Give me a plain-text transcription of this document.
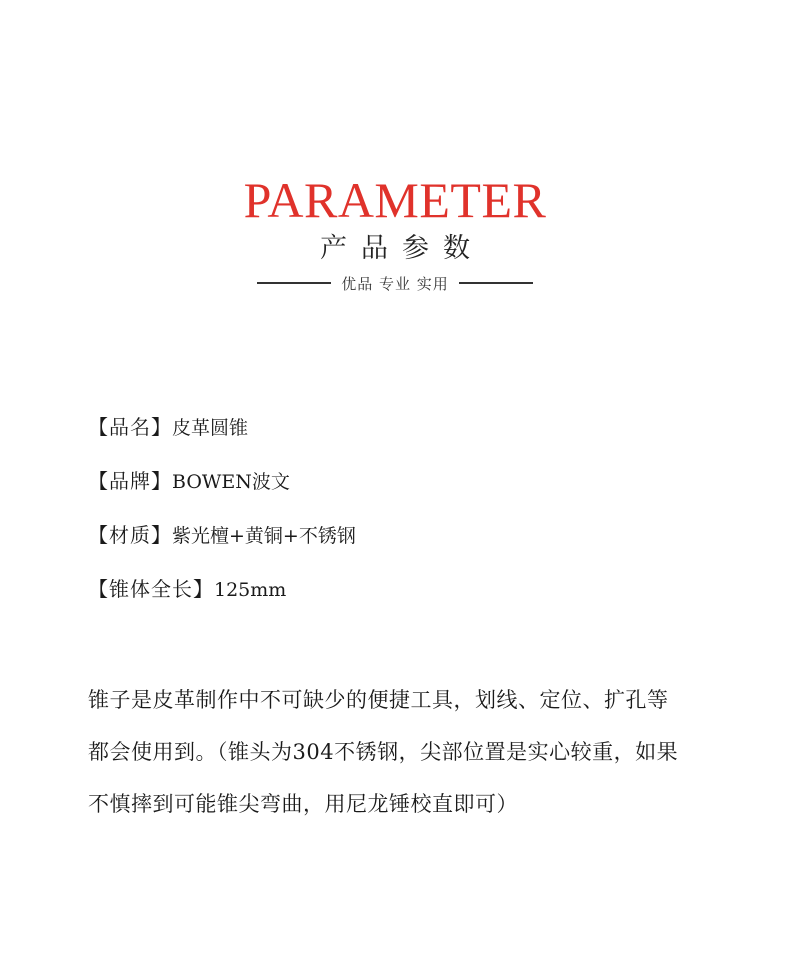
PARAMETER
产品参数
优品 专业 实用
【品名】皮革圆锥
【品牌】BOWEN波文
【材质】紫光檀+黄铜+不锈钢
【锥体全长】125mm
锥子是皮革制作中不可缺少的便捷工具，划线、定位、扩孔等
都会使用到。（锥头为304不锈钢，尖部位置是实心较重，如果
不慎摔到可能锥尖弯曲，用尼龙锤校直即可）
